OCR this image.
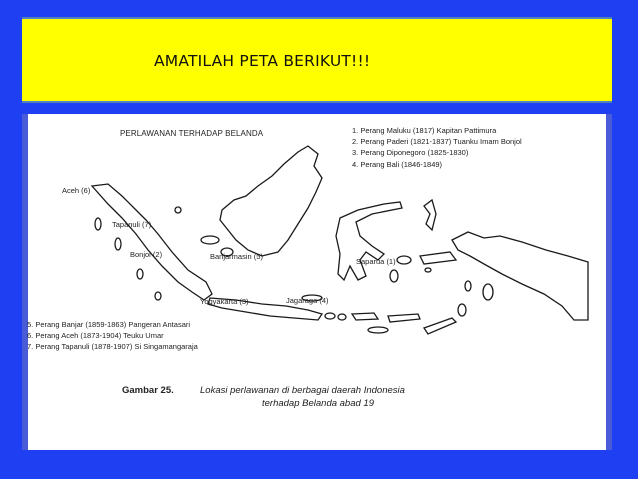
AMATILAH PETA BERIKUT!!!
PERLAWANAN TERHADAP BELANDA	1. Perang Maluku (1817) Kapitan Pattimura
2. Perang Paderi (1821-1837) Tuanku Imam Bonjol
3. Perang Diponegoro (1825-1830)
4. Perang Bali (1846-1849)
Aceh (6)
Tapanuli (7)
Bonjol (2)	Banjarmasin (5)
Saparua (1)
Yogyakarta (3)	Jagaraga (4)
5. Perang Banjar (1859-1863) Pangeran Antasari
6. Perang Aceh (1873-1904) Teuku Umar
7. Perang Tapanuli (1878-1907) Si Singamangaraja
Gambar 25.	Lokasi perlawanan di berbagai daerah Indonesia
terhadap Belanda abad 19
